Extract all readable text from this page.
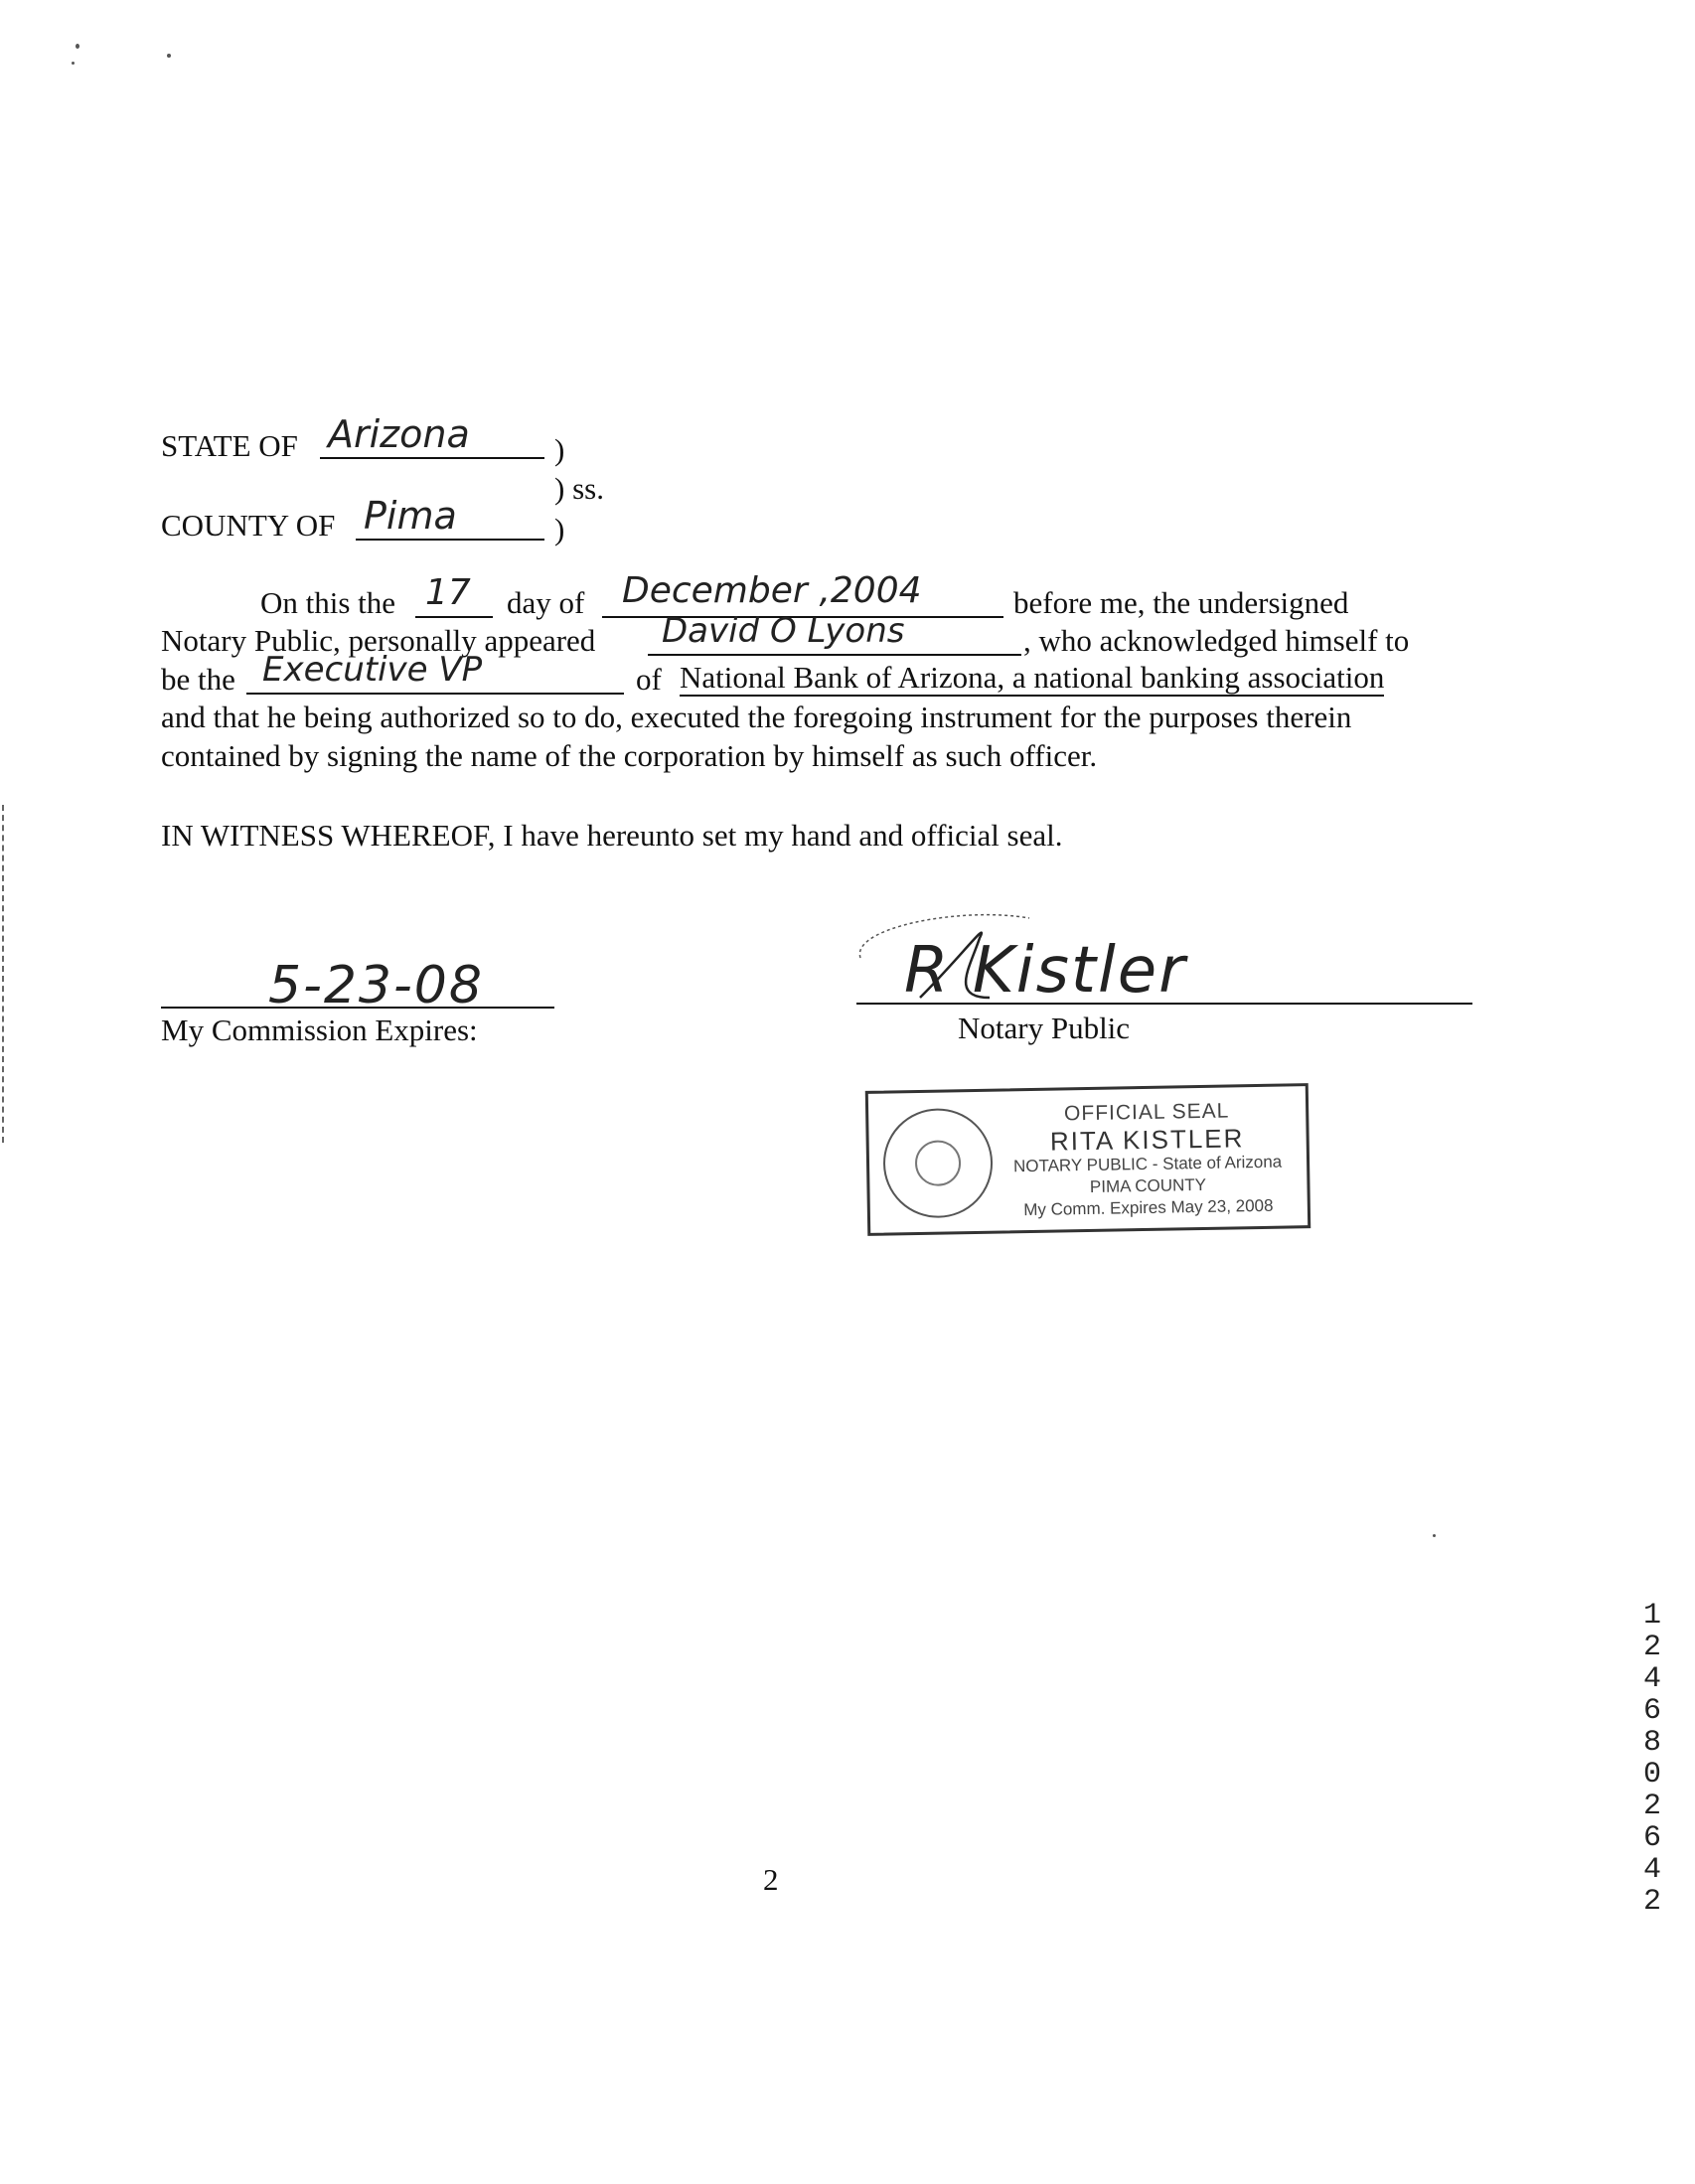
STATE OF Arizona	)
) ss.
COUNTY OF Pima	)
On this the 17	day of	December ,2004	before me, the undersigned
Notary Public, personally appeared	David O Lyons	, who acknowledged himself to
be the Executive VP	of National Bank of Arizona, a national banking association
and that he being authorized so to do, executed the foregoing instrument for the purposes therein
contained by signing the name of the corporation by himself as such officer.
IN WITNESS WHEREOF, I have hereunto set my hand and official seal.
5-23-08
My Commission Expires:
R Kistler
Notary Public
OFFICIAL SEAL
RITA KISTLER
NOTARY PUBLIC - State of Arizona
PIMA COUNTY
My Comm. Expires May 23, 2008
2
12468 02642
